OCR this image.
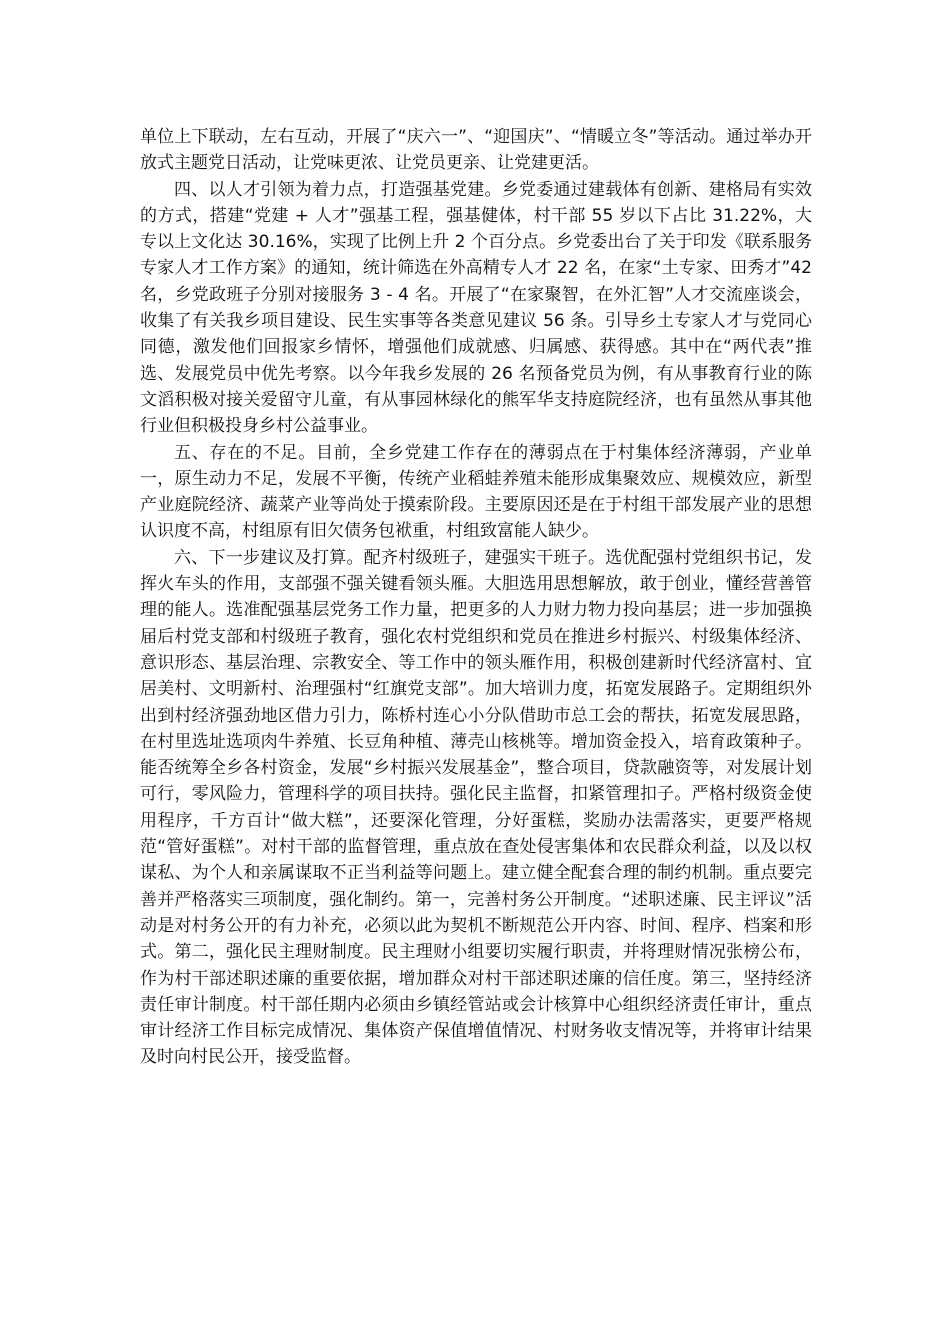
单位上下联动，左右互动，开展了“庆六一”、“迎国庆”、“情暖立冬”等活动。通过举办开放式主题党日活动，让党味更浓、让党员更亲、让党建更活。

四、以人才引领为着力点，打造强基党建。乡党委通过建载体有创新、建格局有实效的方式，搭建“党建 + 人才”强基工程，强基健体，村干部 55 岁以下占比 31.22%，大专以上文化达 30.16%，实现了比例上升 2 个百分点。乡党委出台了关于印发《联系服务专家人才工作方案》的通知，统计筛选在外高精专人才 22 名，在家“土专家、田秀才”42 名，乡党政班子分别对接服务 3 - 4 名。开展了“在家聚智，在外汇智”人才交流座谈会，收集了有关我乡项目建设、民生实事等各类意见建议 56 条。引导乡土专家人才与党同心同德，激发他们回报家乡情怀，增强他们成就感、归属感、获得感。其中在“两代表”推选、发展党员中优先考察。以今年我乡发展的 26 名预备党员为例，有从事教育行业的陈文滔积极对接关爱留守儿童，有从事园林绿化的熊军华支持庭院经济，也有虽然从事其他行业但积极投身乡村公益事业。

五、存在的不足。目前，全乡党建工作存在的薄弱点在于村集体经济薄弱，产业单一，原生动力不足，发展不平衡，传统产业稻蛙养殖未能形成集聚效应、规模效应，新型产业庭院经济、蔬菜产业等尚处于摸索阶段。主要原因还是在于村组干部发展产业的思想认识度不高，村组原有旧欠债务包袱重，村组致富能人缺少。

六、下一步建议及打算。配齐村级班子，建强实干班子。选优配强村党组织书记，发挥火车头的作用，支部强不强关键看领头雁。大胆选用思想解放，敢于创业，懂经营善管理的能人。选准配强基层党务工作力量，把更多的人力财力物力投向基层；进一步加强换届后村党支部和村级班子教育，强化农村党组织和党员在推进乡村振兴、村级集体经济、意识形态、基层治理、宗教安全、等工作中的领头雁作用，积极创建新时代经济富村、宜居美村、文明新村、治理强村“红旗党支部”。加大培训力度，拓宽发展路子。定期组织外出到村经济强劲地区借力引力，陈桥村连心小分队借助市总工会的帮扶，拓宽发展思路，在村里选址选项肉牛养殖、长豆角种植、薄壳山核桃等。增加资金投入，培育政策种子。能否统筹全乡各村资金，发展“乡村振兴发展基金”，整合项目，贷款融资等，对发展计划可行，零风险力，管理科学的项目扶持。强化民主监督，扣紧管理扣子。严格村级资金使用程序，千方百计“做大糕”，还要深化管理，分好蛋糕，奖励办法需落实，更要严格规范“管好蛋糕”。对村干部的监督管理，重点放在查处侵害集体和农民群众利益，以及以权谋私、为个人和亲属谋取不正当利益等问题上。建立健全配套合理的制约机制。重点要完善并严格落实三项制度，强化制约。第一，完善村务公开制度。“述职述廉、民主评议”活动是对村务公开的有力补充，必须以此为契机不断规范公开内容、时间、程序、档案和形式。第二，强化民主理财制度。民主理财小组要切实履行职责，并将理财情况张榜公布，作为村干部述职述廉的重要依据，增加群众对村干部述职述廉的信任度。第三，坚持经济责任审计制度。村干部任期内必须由乡镇经管站或会计核算中心组织经济责任审计，重点审计经济工作目标完成情况、集体资产保值增值情况、村财务收支情况等，并将审计结果及时向村民公开，接受监督。
